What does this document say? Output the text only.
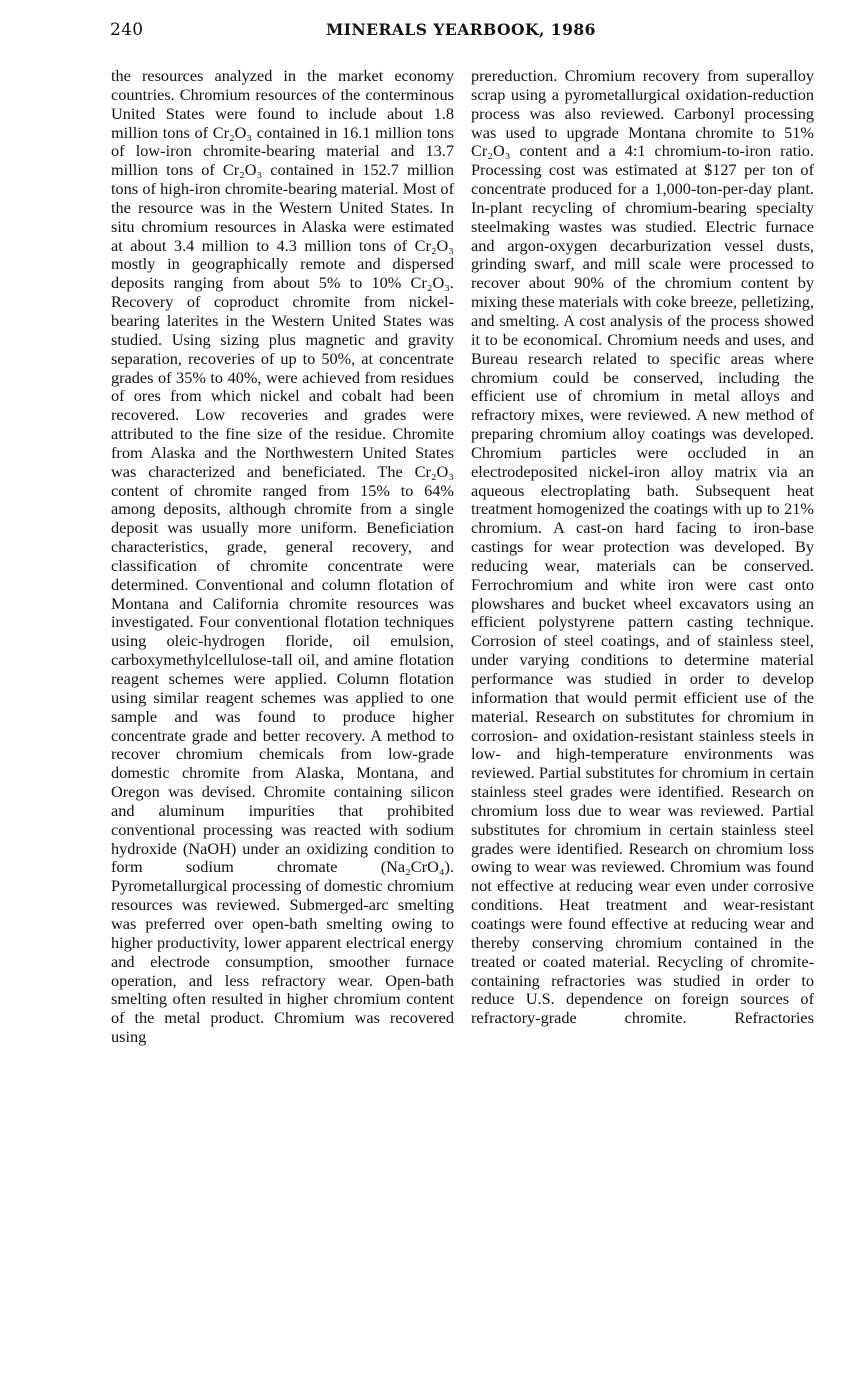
240	MINERALS YEARBOOK, 1986

the resources analyzed in the market economy countries. Chromium resources of the conterminous United States were found to include about 1.8 million tons of Cr₂O₃ contained in 16.1 million tons of low-iron chromite-bearing material and 13.7 million tons of Cr₂O₃ contained in 152.7 million tons of high-iron chromite-bearing material. Most of the resource was in the Western United States. In situ chromium resources in Alaska were estimated at about 3.4 million to 4.3 million tons of Cr₂O₃ mostly in geographically remote and dispersed deposits ranging from about 5% to 10% Cr₂O₃. Recovery of coproduct chromite from nickel-bearing laterites in the Western United States was studied. Using sizing plus magnetic and gravity separation, recoveries of up to 50%, at concentrate grades of 35% to 40%, were achieved from residues of ores from which nickel and cobalt had been recovered. Low recoveries and grades were attributed to the fine size of the residue. Chromite from Alaska and the Northwestern United States was characterized and beneficiated. The Cr₂O₃ content of chromite ranged from 15% to 64% among deposits, although chromite from a single deposit was usually more uniform. Beneficiation characteristics, grade, general recovery, and classification of chromite concentrate were determined. Conventional and column flotation of Montana and California chromite resources was investigated. Four conventional flotation techniques using oleic-hydrogen floride, oil emulsion, carboxymethylcellulose-tall oil, and amine flotation reagent schemes were applied. Column flotation using similar reagent schemes was applied to one sample and was found to produce higher concentrate grade and better recovery. A method to recover chromium chemicals from low-grade domestic chromite from Alaska, Montana, and Oregon was devised. Chromite containing silicon and aluminum impurities that prohibited conventional processing was reacted with sodium hydroxide (NaOH) under an oxidizing condition to form sodium chromate (Na₂CrO₄). Pyrometallurgical processing of domestic chromium resources was reviewed. Submerged-arc smelting was preferred over open-bath smelting owing to higher productivity, lower apparent electrical energy and electrode consumption, smoother furnace operation, and less refractory wear. Open-bath smelting often resulted in higher chromium content of the metal product. Chromium was recovered using

prereduction. Chromium recovery from superalloy scrap using a pyrometallurgical oxidation-reduction process was also reviewed. Carbonyl processing was used to upgrade Montana chromite to 51% Cr₂O₃ content and a 4:1 chromium-to-iron ratio. Processing cost was estimated at $127 per ton of concentrate produced for a 1,000-ton-per-day plant. In-plant recycling of chromium-bearing specialty steelmaking wastes was studied. Electric furnace and argon-oxygen decarburization vessel dusts, grinding swarf, and mill scale were processed to recover about 90% of the chromium content by mixing these materials with coke breeze, pelletizing, and smelting. A cost analysis of the process showed it to be economical. Chromium needs and uses, and Bureau research related to specific areas where chromium could be conserved, including the efficient use of chromium in metal alloys and refractory mixes, were reviewed. A new method of preparing chromium alloy coatings was developed. Chromium particles were occluded in an electrodeposited nickel-iron alloy matrix via an aqueous electroplating bath. Subsequent heat treatment homogenized the coatings with up to 21% chromium. A cast-on hard facing to iron-base castings for wear protection was developed. By reducing wear, materials can be conserved. Ferrochromium and white iron were cast onto plowshares and bucket wheel excavators using an efficient polystyrene pattern casting technique. Corrosion of steel coatings, and of stainless steel, under varying conditions to determine material performance was studied in order to develop information that would permit efficient use of the material. Research on substitutes for chromium in corrosion- and oxidation-resistant stainless steels in low- and high-temperature environments was reviewed. Partial substitutes for chromium in certain stainless steel grades were identified. Research on chromium loss due to wear was reviewed. Partial substitutes for chromium in certain stainless steel grades were identified. Research on chromium loss owing to wear was reviewed. Chromium was found not effective at reducing wear even under corrosive conditions. Heat treatment and wear-resistant coatings were found effective at reducing wear and thereby conserving chromium contained in the treated or coated material. Recycling of chromite-containing refractories was studied in order to reduce U.S. dependence on foreign sources of refractory-grade chromite. Refractories
